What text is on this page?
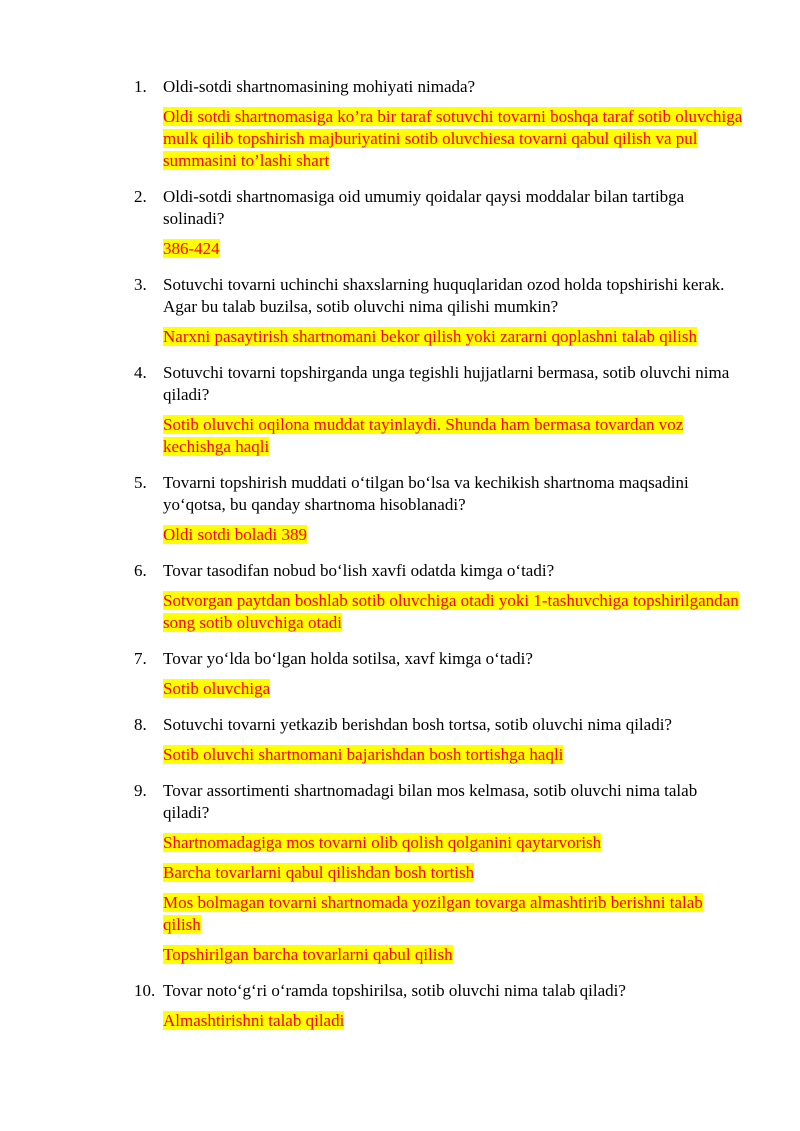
1. Oldi-sotdi shartnomasining mohiyati nimada?

Oldi sotdi shartnomasiga ko’ra bir taraf sotuvchi tovarni boshqa taraf sotib oluvchiga mulk qilib topshirish majburiyatini sotib oluvchiesa tovarni qabul qilish va pul summasini to’lashi shart

2. Oldi-sotdi shartnomasiga oid umumiy qoidalar qaysi moddalar bilan tartibga solinadi?

386-424

3. Sotuvchi tovarni uchinchi shaxslarning huquqlaridan ozod holda topshirishi kerak. Agar bu talab buzilsa, sotib oluvchi nima qilishi mumkin?

Narxni pasaytirish shartnomani bekor qilish yoki zararni qoplashni talab qilish

4. Sotuvchi tovarni topshirganda unga tegishli hujjatlarni bermasa, sotib oluvchi nima qiladi?

Sotib oluvchi oqilona muddat tayinlaydi. Shunda ham bermasa tovardan voz kechishga haqli

5. Tovarni topshirish muddati o‘tilgan bo‘lsa va kechikish shartnoma maqsadini yo‘qotsa, bu qanday shartnoma hisoblanadi?

Oldi sotdi boladi 389

6. Tovar tasodifan nobud bo‘lish xavfi odatda kimga o‘tadi?

Sotvorgan paytdan boshlab sotib oluvchiga otadi yoki 1-tashuvchiga topshirilgandan song sotib oluvchiga otadi

7. Tovar yo‘lda bo‘lgan holda sotilsa, xavf kimga o‘tadi?

Sotib oluvchiga

8. Sotuvchi tovarni yetkazib berishdan bosh tortsa, sotib oluvchi nima qiladi?

Sotib oluvchi shartnomani bajarishdan bosh tortishga haqli

9. Tovar assortimenti shartnomadagi bilan mos kelmasa, sotib oluvchi nima talab qiladi?

Shartnomadagiga mos tovarni olib qolish qolganini qaytarvorish

Barcha tovarlarni qabul qilishdan bosh tortish

Mos bolmagan tovarni shartnomada yozilgan tovarga almashtirib berishni talab qilish

Topshirilgan barcha tovarlarni qabul qilish

10. Tovar noto‘g‘ri o‘ramda topshirilsa, sotib oluvchi nima talab qiladi?

Almashtirishni talab qiladi
